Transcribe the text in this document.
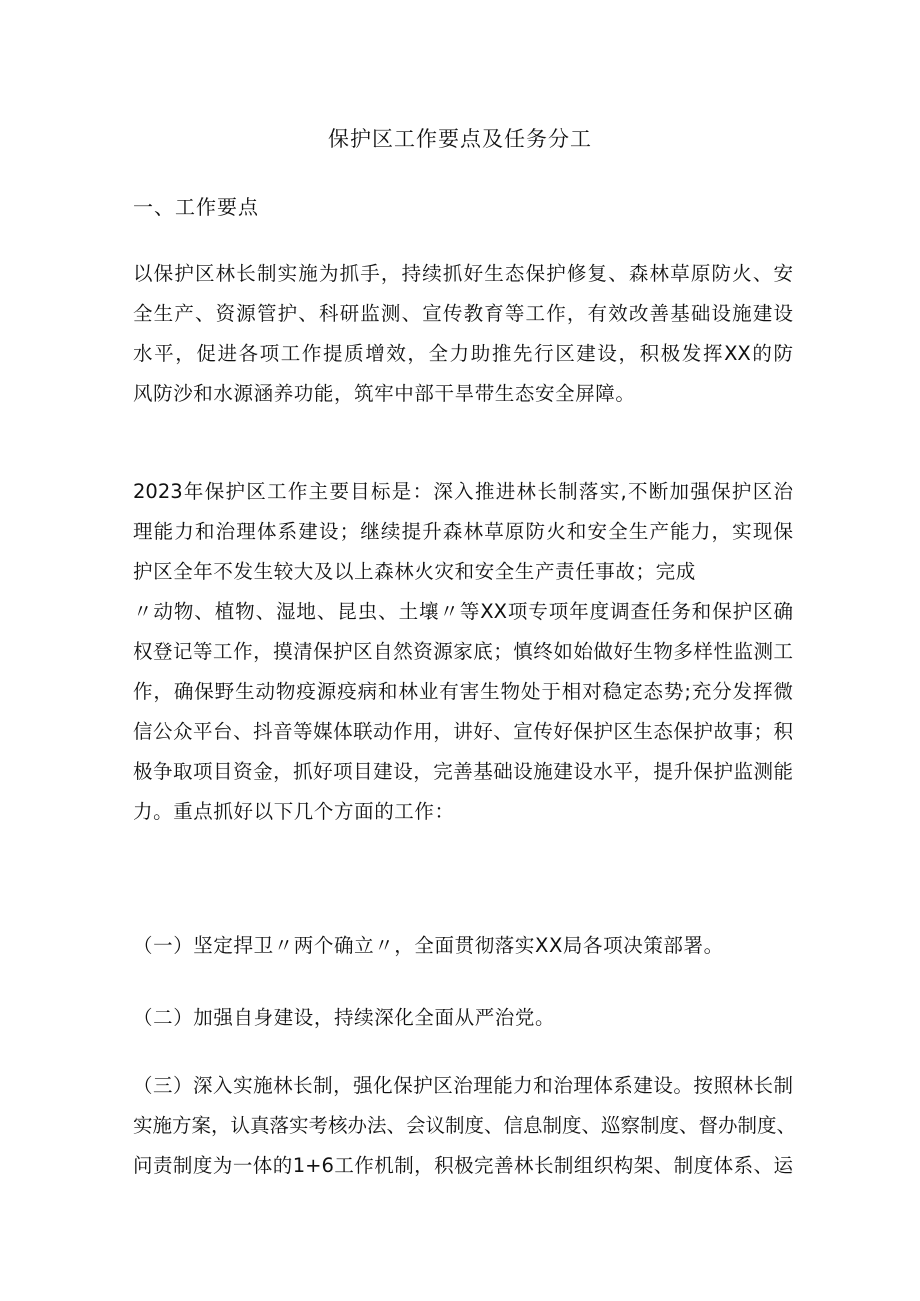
保护区工作要点及任务分工
一、工作要点
以保护区林长制实施为抓手，持续抓好生态保护修复、森林草原防火、安
全生产、资源管护、科研监测、宣传教育等工作，有效改善基础设施建设
水平，促进各项工作提质增效，全力助推先行区建设，积极发挥XX的防
风防沙和水源涵养功能，筑牢中部干旱带生态安全屏障。
2023年保护区工作主要目标是：深入推进林长制落实,不断加强保护区治
理能力和治理体系建设；继续提升森林草原防火和安全生产能力，实现保
护区全年不发生较大及以上森林火灾和安全生产责任事故；完成
〃动物、植物、湿地、昆虫、土壤〃等XX项专项年度调查任务和保护区确
权登记等工作，摸清保护区自然资源家底；慎终如始做好生物多样性监测工
作，确保野生动物疫源疫病和林业有害生物处于相对稳定态势;充分发挥微
信公众平台、抖音等媒体联动作用，讲好、宣传好保护区生态保护故事；积
极争取项目资金，抓好项目建设，完善基础设施建设水平，提升保护监测能
力。重点抓好以下几个方面的工作：
（一）坚定捍卫〃两个确立〃，全面贯彻落实XX局各项决策部署。
（二）加强自身建设，持续深化全面从严治党。
（三）深入实施林长制，强化保护区治理能力和治理体系建设。按照林长制
实施方案，认真落实考核办法、会议制度、信息制度、巡察制度、督办制度、
问责制度为一体的1+6工作机制，积极完善林长制组织构架、制度体系、运
